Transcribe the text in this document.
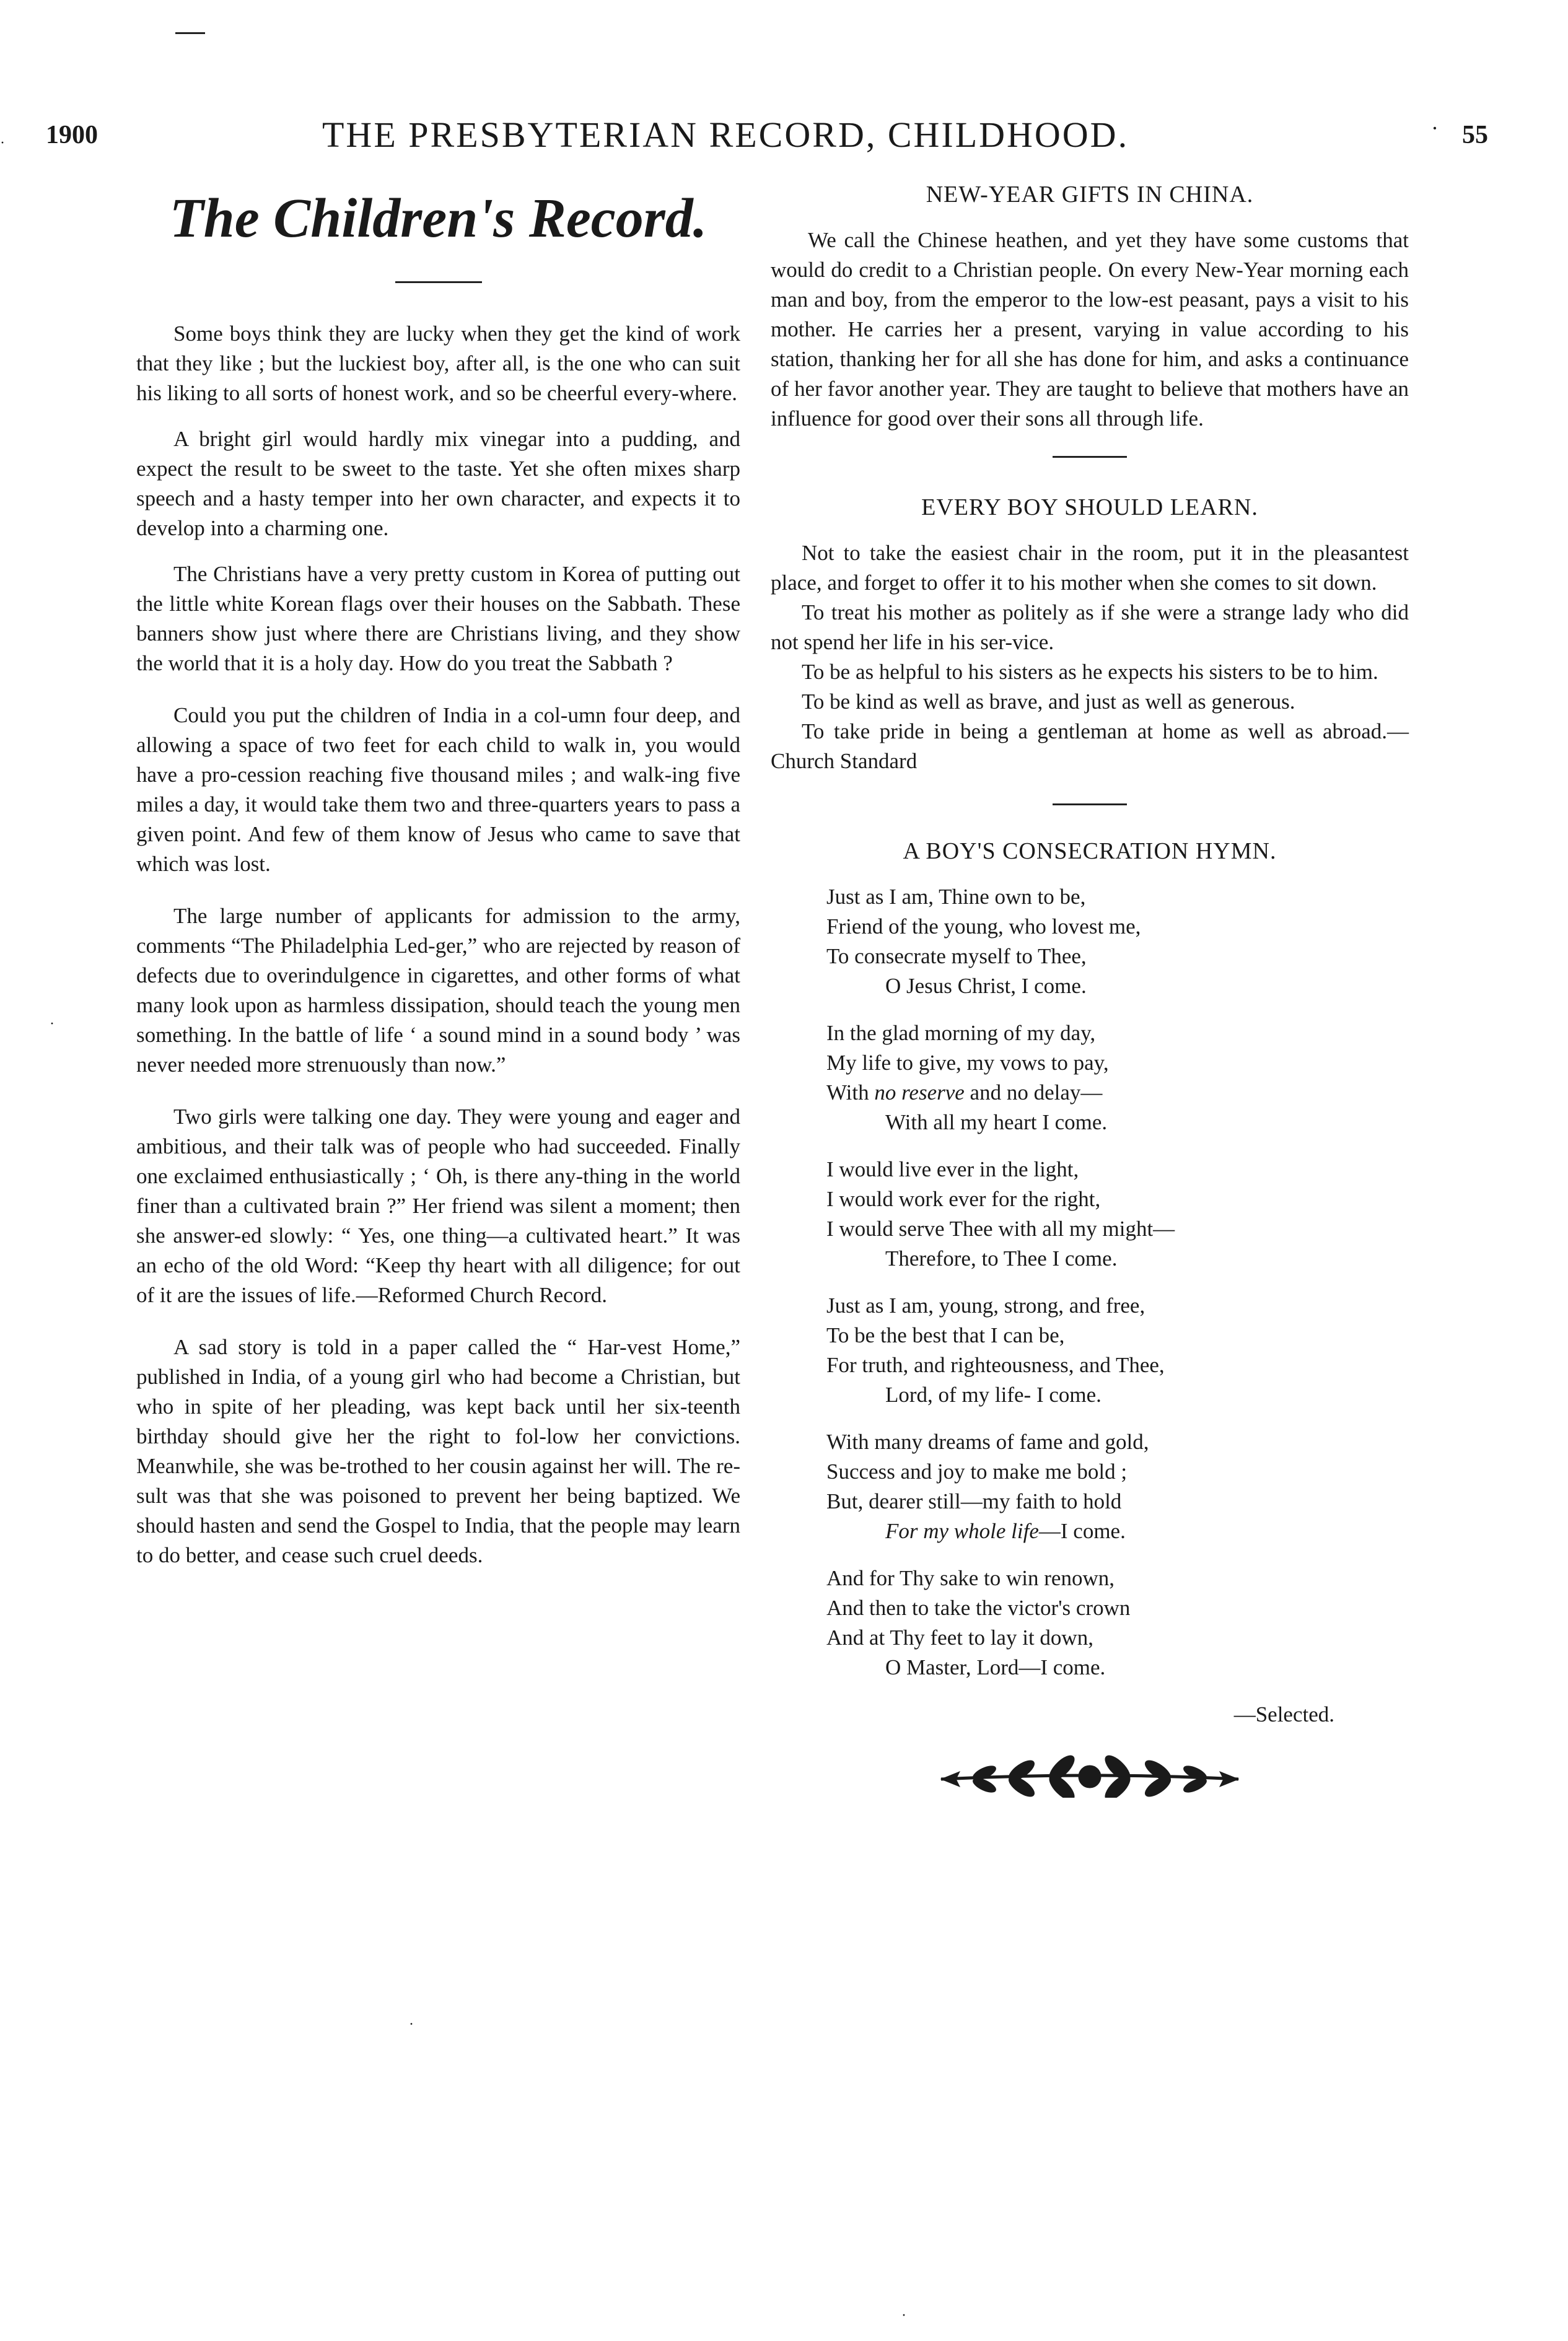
1900	THE PRESBYTERIAN RECORD, CHILDHOOD.	· 55
The Children's Record.

Some boys think they are lucky when they get the kind of work that they like ; but the luckiest boy, after all, is the one who can suit his liking to all sorts of honest work, and so be cheerful every-where.

A bright girl would hardly mix vinegar into a pudding, and expect the result to be sweet to the taste. Yet she often mixes sharp speech and a hasty temper into her own character, and expects it to develop into a charming one.

The Christians have a very pretty custom in Korea of putting out the little white Korean flags over their houses on the Sabbath. These banners show just where there are Christians living, and they show the world that it is a holy day. How do you treat the Sabbath ?

Could you put the children of India in a col-umn four deep, and allowing a space of two feet for each child to walk in, you would have a pro-cession reaching five thousand miles ; and walk-ing five miles a day, it would take them two and three-quarters years to pass a given point. And few of them know of Jesus who came to save that which was lost.

The large number of applicants for admission to the army, comments “The Philadelphia Led-ger,” who are rejected by reason of defects due to overindulgence in cigarettes, and other forms of what many look upon as harmless dissipation, should teach the young men something. In the battle of life ‘ a sound mind in a sound body ’ was never needed more strenuously than now.”

Two girls were talking one day. They were young and eager and ambitious, and their talk was of people who had succeeded. Finally one exclaimed enthusiastically ; ‘ Oh, is there any-thing in the world finer than a cultivated brain ?” Her friend was silent a moment; then she answer-ed slowly: “ Yes, one thing—a cultivated heart.” It was an echo of the old Word: “Keep thy heart with all diligence; for out of it are the issues of life.—Reformed Church Record.

A sad story is told in a paper called the “ Har-vest Home,” published in India, of a young girl who had become a Christian, but who in spite of her pleading, was kept back until her six-teenth birthday should give her the right to fol-low her convictions. Meanwhile, she was be-trothed to her cousin against her will. The re-sult was that she was poisoned to prevent her being baptized. We should hasten and send the Gospel to India, that the people may learn to do better, and cease such cruel deeds.

NEW-YEAR GIFTS IN CHINA.

We call the Chinese heathen, and yet they have some customs that would do credit to a Christian people. On every New-Year morning each man and boy, from the emperor to the low-est peasant, pays a visit to his mother. He carries her a present, varying in value according to his station, thanking her for all she has done for him, and asks a continuance of her favor another year. They are taught to believe that mothers have an influence for good over their sons all through life.

EVERY BOY SHOULD LEARN.

Not to take the easiest chair in the room, put it in the pleasantest place, and forget to offer it to his mother when she comes to sit down.

To treat his mother as politely as if she were a strange lady who did not spend her life in his ser-vice.

To be as helpful to his sisters as he expects his sisters to be to him.

To be kind as well as brave, and just as well as generous.

To take pride in being a gentleman at home as well as abroad.—Church Standard

A BOY'S CONSECRATION HYMN.
Just as I am, Thine own to be,
Friend of the young, who lovest me,
To consecrate myself to Thee,
O Jesus Christ, I come.
In the glad morning of my day,
My life to give, my vows to pay,
With no reserve and no delay—
With all my heart I come.
I would live ever in the light,
I would work ever for the right,
I would serve Thee with all my might—
Therefore, to Thee I come.
Just as I am, young, strong, and free,
To be the best that I can be,
For truth, and righteousness, and Thee,
Lord, of my life- I come.
With many dreams of fame and gold,
Success and joy to make me bold ;
But, dearer still—my faith to hold
For my whole life—I come.
And for Thy sake to win renown,
And then to take the victor's crown
And at Thy feet to lay it down,
O Master, Lord—I come.
—Selected.
·
·
·
·
